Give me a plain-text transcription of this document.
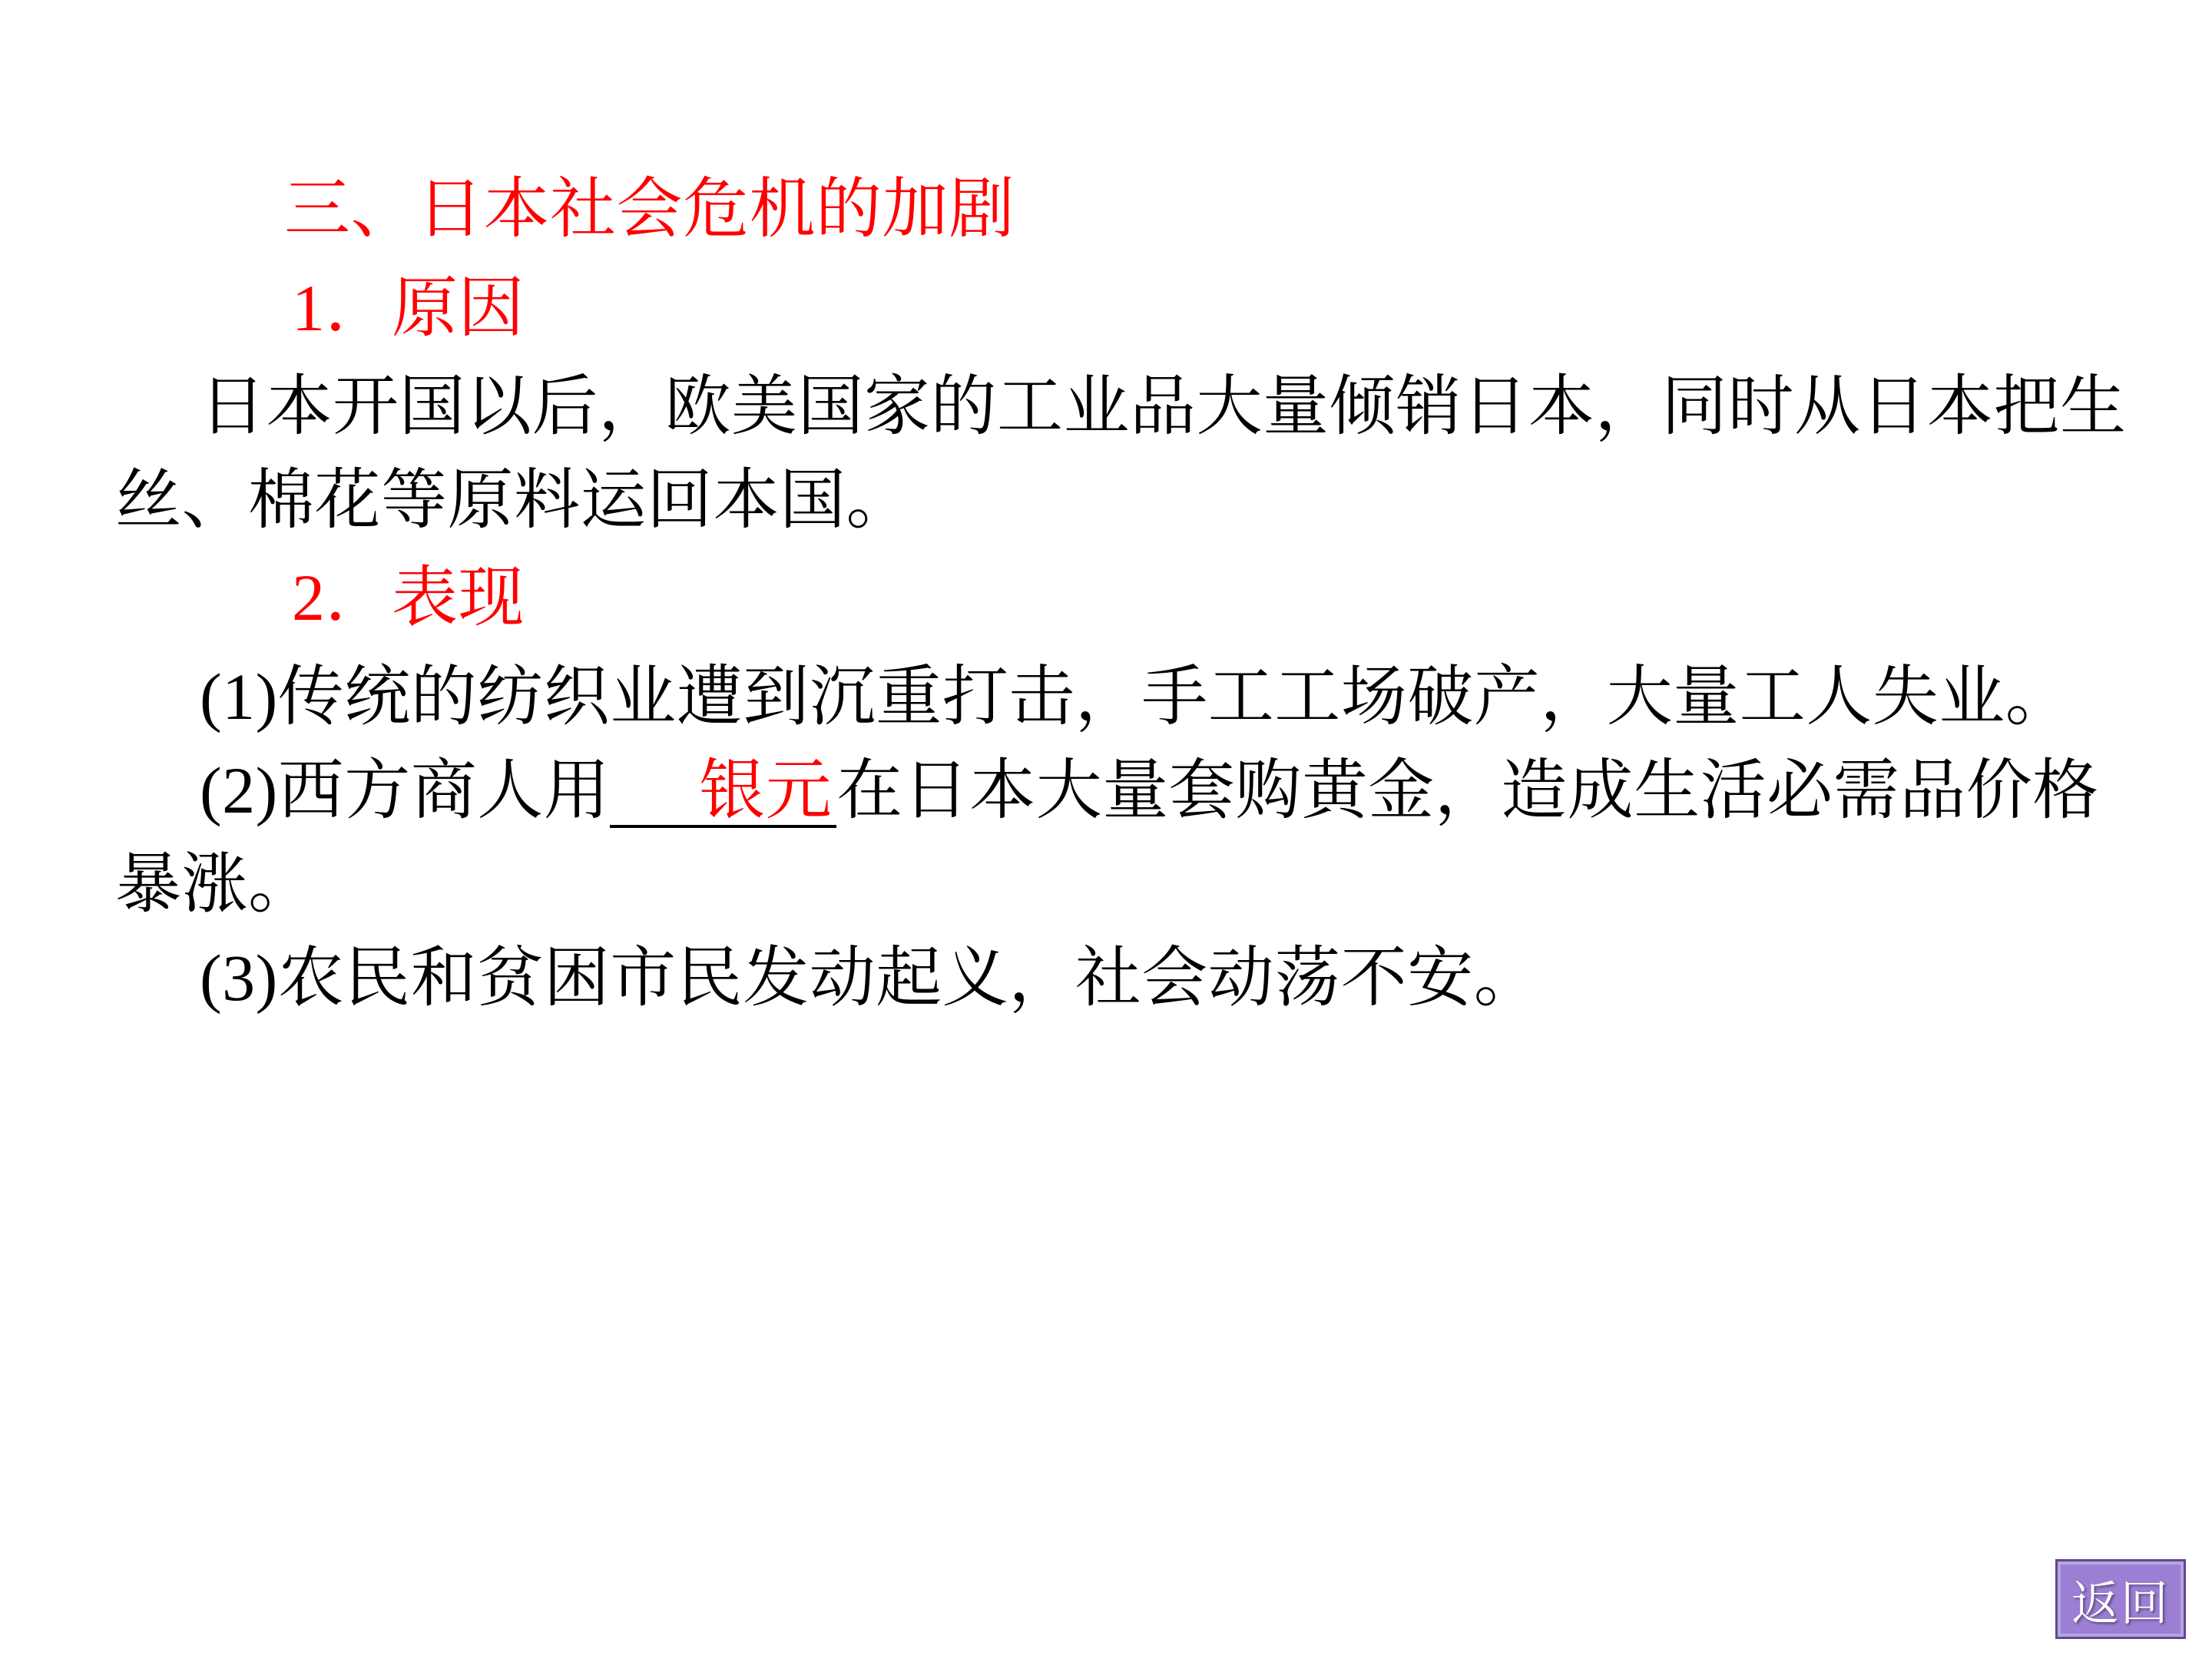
三、日本社会危机的加剧
1．原因
日本开国以后，欧美国家的工业品大量倾销日本，同时从日本把生丝、棉花等原料运回本国。
2．表现
(1)传统的纺织业遭到沉重打击，手工工场破产，大量工人失业。
(2)西方商人用 银元在日本大量套购黄金，造成生活必需品价格暴涨。
(3)农民和贫困市民发动起义，社会动荡不安。
返回
